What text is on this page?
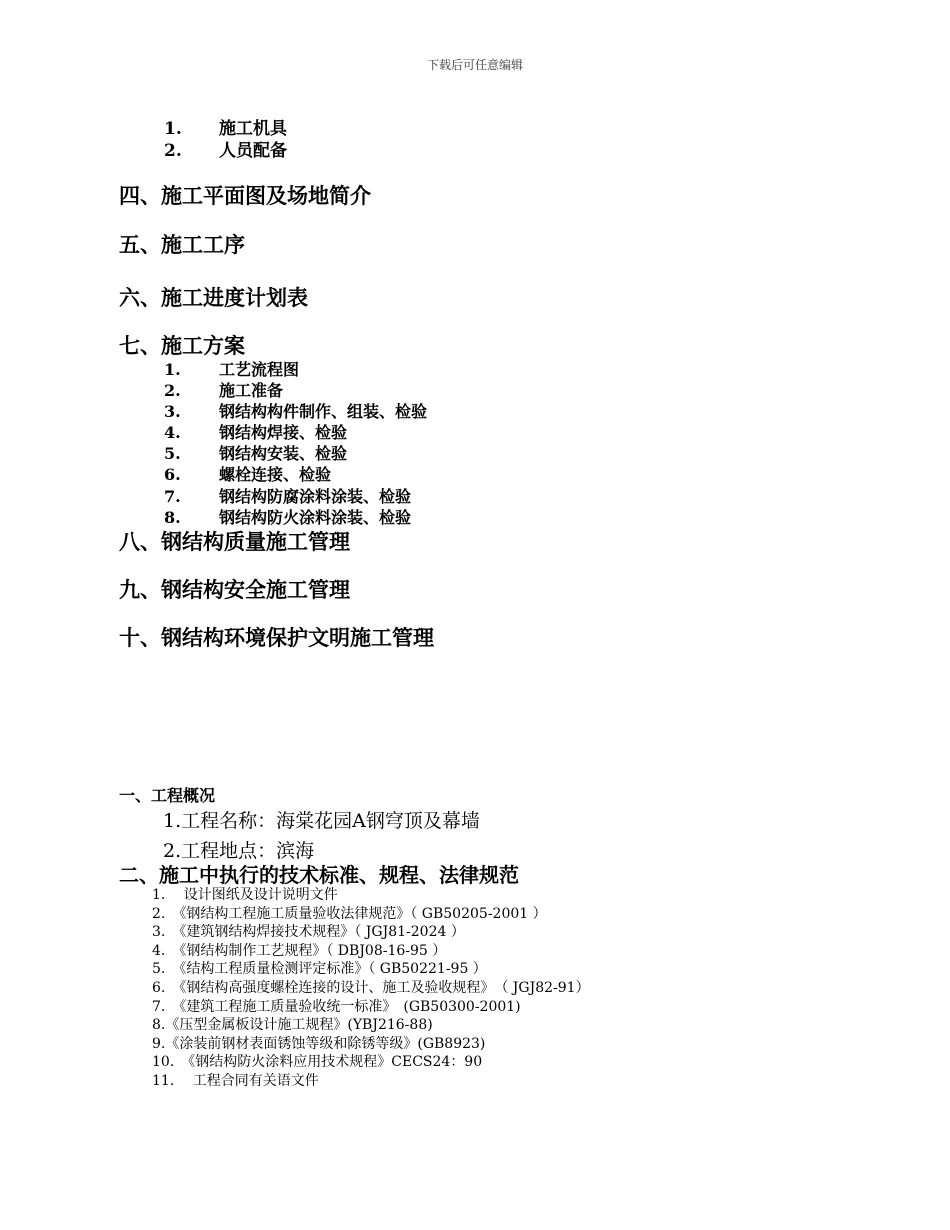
下载后可任意编辑
1. 施工机具
2. 人员配备
四、施工平面图及场地简介
五、施工工序
六、施工进度计划表
七、施工方案
1. 工艺流程图
2. 施工准备
3. 钢结构构件制作、组装、检验
4. 钢结构焊接、检验
5. 钢结构安装、检验
6. 螺栓连接、检验
7. 钢结构防腐涂料涂装、检验
8. 钢结构防火涂料涂装、检验
八、钢结构质量施工管理
九、钢结构安全施工管理
十、钢结构环境保护文明施工管理
一、工程概况
1.工程名称：海棠花园A钢穹顶及幕墙
2.工程地点：滨海
二、施工中执行的技术标准、规程、法律规范
1.　 设计图纸及设计说明文件
2.　《钢结构工程施工质量验收法律规范》（ GB50205-2001 ）
3.　《建筑钢结构焊接技术规程》（ JGJ81-2024 ）
4.　《钢结构制作工艺规程》（ DBJ08-16-95 ）
5.　《结构工程质量检测评定标准》（ GB50221-95 ）
6.　《钢结构高强度螺栓连接的设计、施工及验收规程》　（ JGJ82-91）
7.　《建筑工程施工质量验收统一标准》　(GB50300-2001)
8.《压型金属板设计施工规程》(YBJ216-88)
9.《涂装前钢材表面锈蚀等级和除锈等级》(GB8923)
10.　《钢结构防火涂料应用技术规程》CECS24：90
11.　 工程合同有关语文件
